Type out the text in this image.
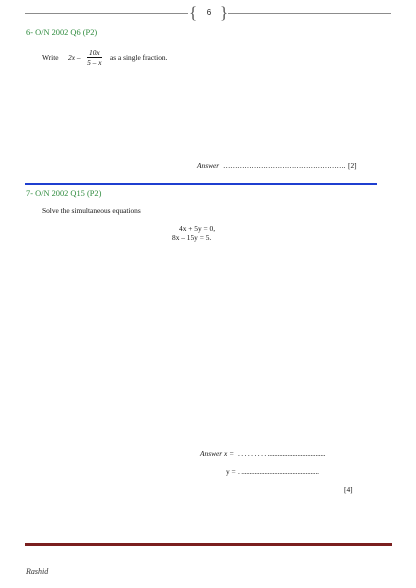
{	6 }
6- O/N 2002 Q6 (P2)
Write $2x - \frac{10x}{5 - x}$ as a single fraction.
Answer ……………………………………………. [2]
7- O/N 2002 Q15 (P2)
Solve the simultaneous equations
4x + 5y = 0,
8x – 15y = 5.
Answer x = . . . . . . . . . ...................................
y = . ...............................................
[4]
Rashid
